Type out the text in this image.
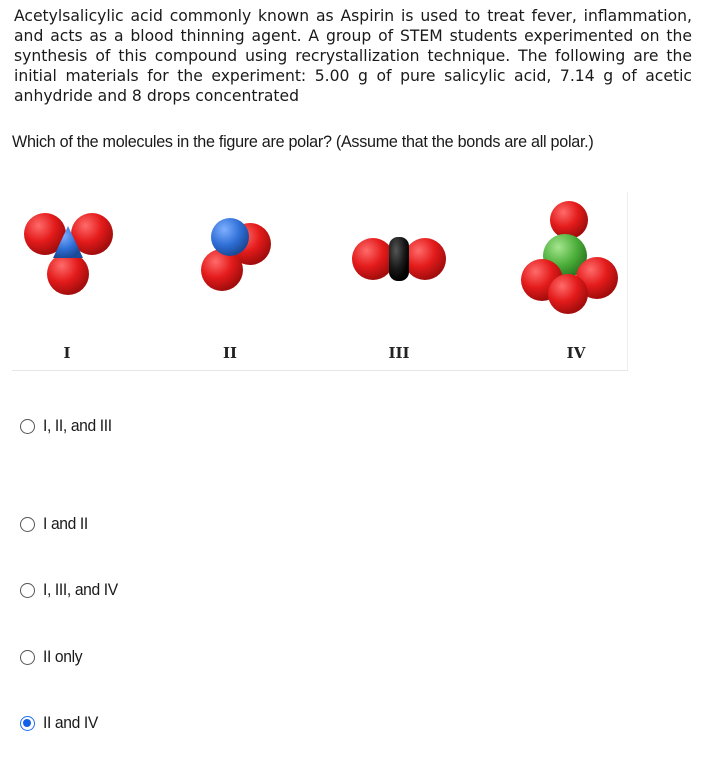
Acetylsalicylic acid commonly known as Aspirin is used to treat fever, inflammation, and acts as a blood thinning agent. A group of STEM students experimented on the synthesis of this compound using recrystallization technique. The following are the initial materials for the experiment: 5.00 g of pure salicylic acid, 7.14 g of acetic anhydride and 8 drops concentrated
Which of the molecules in the figure are polar? (Assume that the bonds are all polar.)
I	II	III	IV
I, II, and III
I and II
I, III, and IV
II only
II and IV
